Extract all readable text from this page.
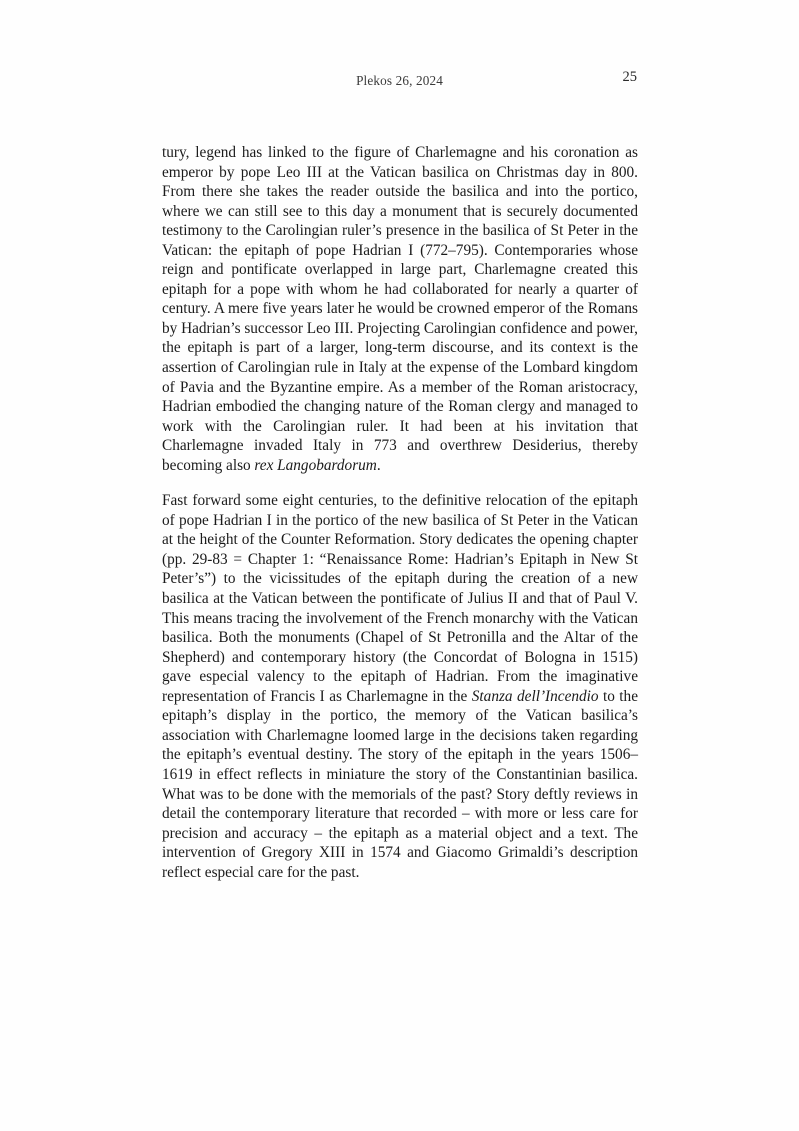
Plekos 26, 2024	25

tury, legend has linked to the figure of Charlemagne and his coronation as emperor by pope Leo III at the Vatican basilica on Christmas day in 800. From there she takes the reader outside the basilica and into the portico, where we can still see to this day a monument that is securely documented testimony to the Carolingian ruler’s presence in the basilica of St Peter in the Vatican: the epitaph of pope Hadrian I (772–795). Contemporaries whose reign and pontificate overlapped in large part, Charlemagne created this epitaph for a pope with whom he had collaborated for nearly a quarter of century. A mere five years later he would be crowned emperor of the Romans by Hadrian’s successor Leo III. Projecting Carolingian confidence and power, the epitaph is part of a larger, long-term discourse, and its context is the assertion of Carolingian rule in Italy at the expense of the Lombard kingdom of Pavia and the Byzantine empire. As a member of the Roman aristocracy, Hadrian embodied the changing nature of the Roman clergy and managed to work with the Carolingian ruler. It had been at his invitation that Charlemagne invaded Italy in 773 and overthrew Desiderius, thereby becoming also rex Langobardorum.

Fast forward some eight centuries, to the definitive relocation of the epitaph of pope Hadrian I in the portico of the new basilica of St Peter in the Vatican at the height of the Counter Reformation. Story dedicates the opening chapter (pp. 29-83 = Chapter 1: “Renaissance Rome: Hadrian’s Epitaph in New St Peter’s”) to the vicissitudes of the epitaph during the creation of a new basilica at the Vatican between the pontificate of Julius II and that of Paul V. This means tracing the involvement of the French monarchy with the Vatican basilica. Both the monuments (Chapel of St Petronilla and the Altar of the Shepherd) and contemporary history (the Concordat of Bologna in 1515) gave especial valency to the epitaph of Hadrian. From the imaginative representation of Francis I as Charlemagne in the Stanza dell’Incendio to the epitaph’s display in the portico, the memory of the Vatican basilica’s association with Charlemagne loomed large in the decisions taken regarding the epitaph’s eventual destiny. The story of the epitaph in the years 1506–1619 in effect reflects in miniature the story of the Constantinian basilica. What was to be done with the memorials of the past? Story deftly reviews in detail the contemporary literature that recorded – with more or less care for precision and accuracy – the epitaph as a material object and a text. The intervention of Gregory XIII in 1574 and Giacomo Grimaldi’s description reflect especial care for the past.
